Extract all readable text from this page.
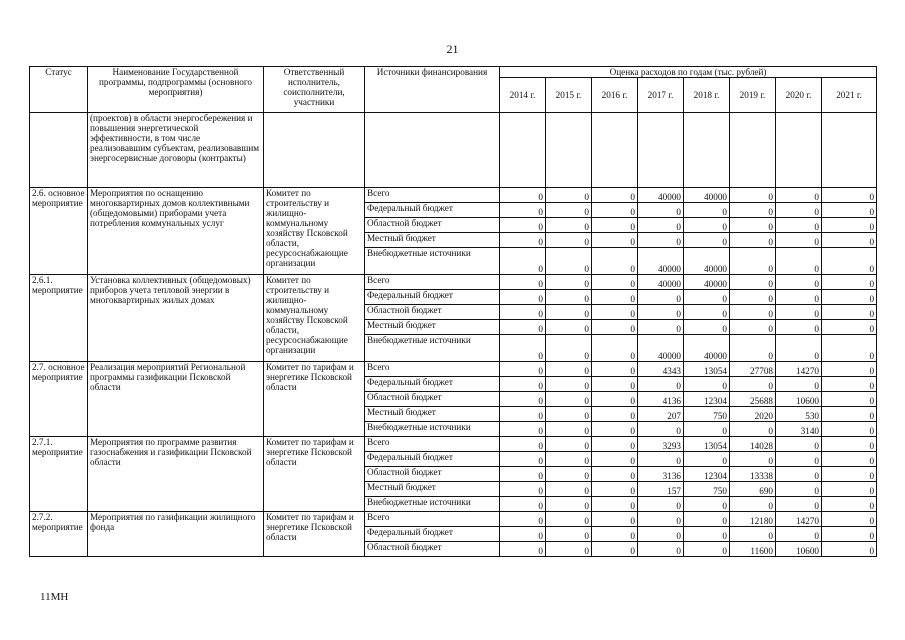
21
Статус	Наименование Государственной программы, подпрограммы (основного мероприятия)	Ответственный исполнитель, соисполнители, участники	Источники финансирования	Оценка расходов по годам (тыс. рублей)							
				2014 г.	2015 г.	2016 г.	2017 г.	2018 г.	2019 г.	2020 г.	2021 г.
	(проектов) в области энергосбережения и повышения энергетической эффективности, в том числе реализовавшим субъектам, реализовавшим энергосервисные договоры (контракты)										
2.6. основное мероприятие	Мероприятия по оснащению многоквартирных домов коллективными (общедомовыми) приборами учета потребления коммунальных услуг	Комитет по строительству и жилищно-коммунальному хозяйству Псковской области, ресурсоснабжающие организации	Всего	0	0	0	40000	40000	0	0	0
			Федеральный бюджет	0	0	0	0	0	0	0	0
			Областной бюджет	0	0	0	0	0	0	0	0
			Местный бюджет	0	0	0	0	0	0	0	0
			Внебюджетные источники	0	0	0	40000	40000	0	0	0
2.6.1. мероприятие	Установка коллективных (общедомовых) приборов учета тепловой энергии в многоквартирных жилых домах	Комитет по строительству и жилищно-коммунальному хозяйству Псковской области, ресурсоснабжающие организации	Всего	0	0	0	40000	40000	0	0	0
			Федеральный бюджет	0	0	0	0	0	0	0	0
			Областной бюджет	0	0	0	0	0	0	0	0
			Местный бюджет	0	0	0	0	0	0	0	0
			Внебюджетные источники	0	0	0	40000	40000	0	0	0
2.7. основное мероприятие	Реализация мероприятий Региональной программы газификации Псковской области	Комитет по тарифам и энергетике Псковской области	Всего	0	0	0	4343	13054	27708	14270	0
			Федеральный бюджет	0	0	0	0	0	0	0	0
			Областной бюджет	0	0	0	4136	12304	25688	10600	0
			Местный бюджет	0	0	0	207	750	2020	530	0
			Внебюджетные источники	0	0	0	0	0	0	3140	0
2.7.1. мероприятие	Мероприятия по программе развития газоснабжения и газификации Псковской области	Комитет по тарифам и энергетике Псковской области	Всего	0	0	0	3293	13054	14028	0	0
			Федеральный бюджет	0	0	0	0	0	0	0	0
			Областной бюджет	0	0	0	3136	12304	13338	0	0
			Местный бюджет	0	0	0	157	750	690	0	0
			Внебюджетные источники	0	0	0	0	0	0	0	0
2.7.2. мероприятие	Мероприятия по газификации жилищного фонда	Комитет по тарифам и энергетике Псковской области	Всего	0	0	0	0	0	12180	14270	0
			Федеральный бюджет	0	0	0	0	0	0	0	0
			Областной бюджет	0	0	0	0	0	11600	10600	0
11МН
